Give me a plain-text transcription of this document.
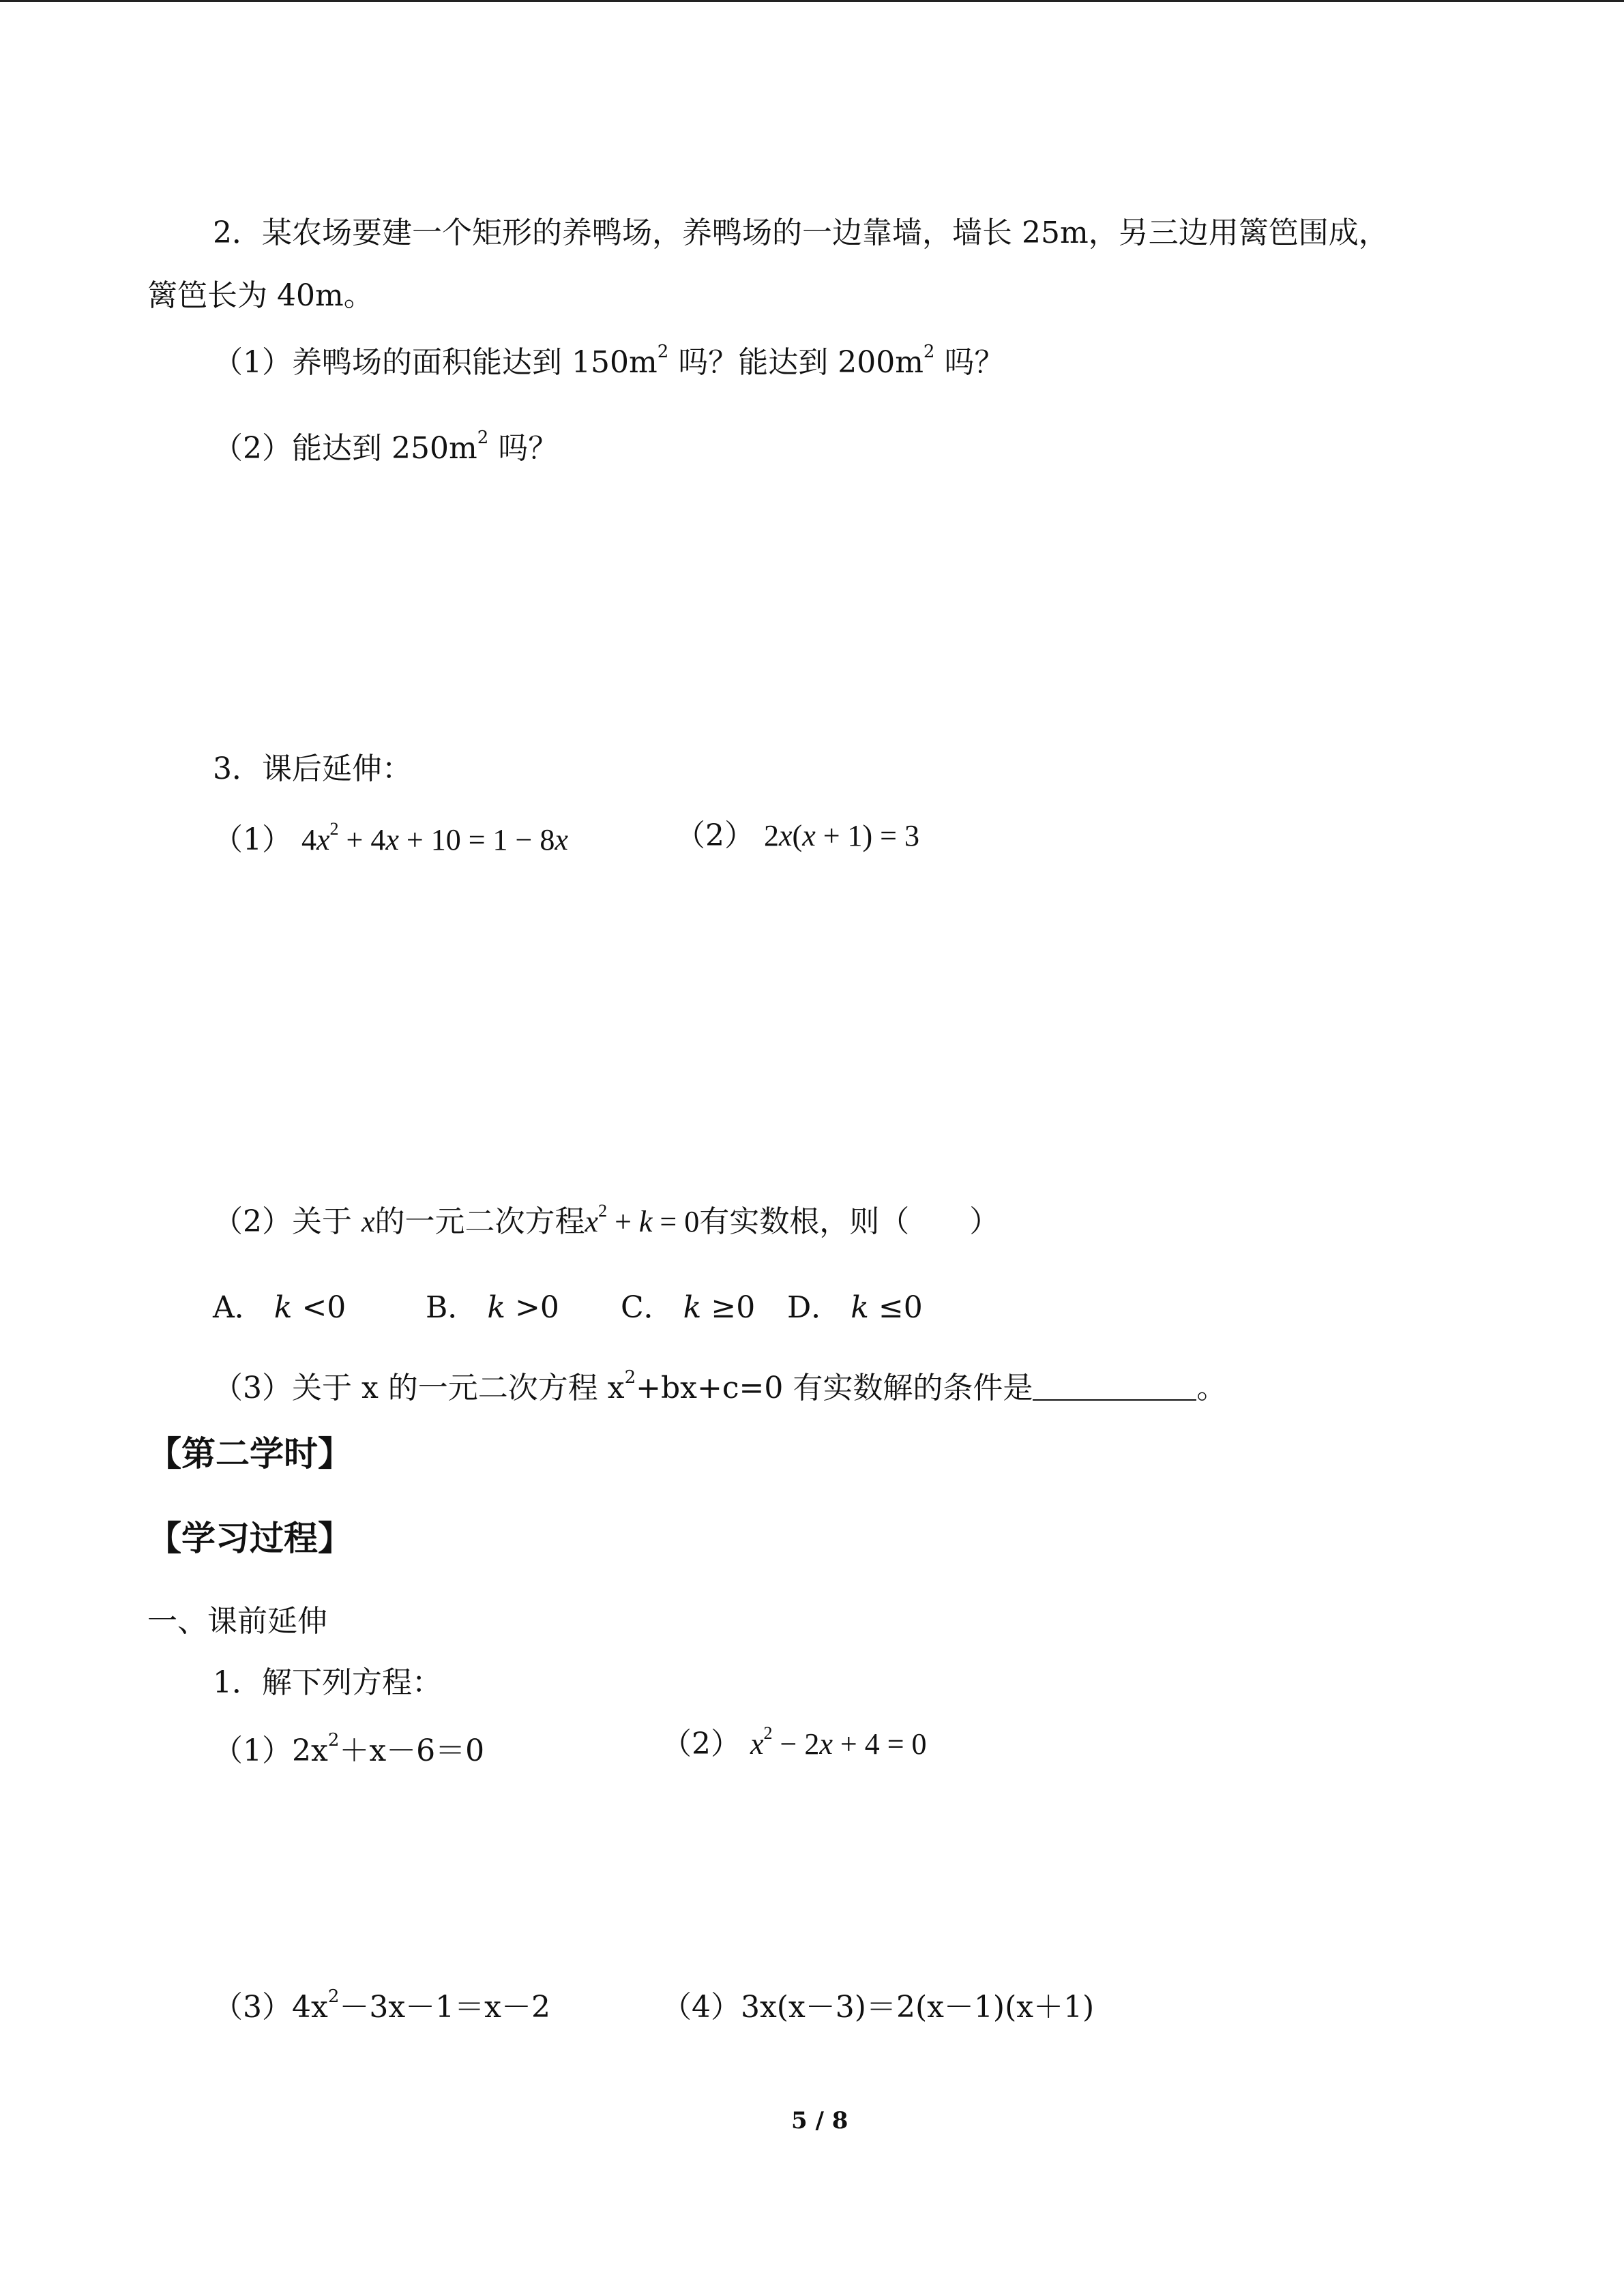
2．某农场要建一个矩形的养鸭场，养鸭场的一边靠墙，墙长 25m，另三边用篱笆围成，
篱笆长为 40m。
（1）养鸭场的面积能达到 $150m^2$ 吗？能达到 $200m^2$ 吗？
（2）能达到 $250m^2$ 吗？
3．课后延伸：
（1） $4x^2 + 4x + 10 = 1 - 8x$	（2） 2x(x + 1) = 3
（2）关于 x的一元二次方程$x^2 + k = 0$有实数根，则（　　）
A． k <0	B． k >0 C． k ≥0 D． k ≤0
（3）关于 x 的一元二次方程 $x^2+bx+c=0$ 有实数解的条件是	。
【第二学时】
【学习过程】
一、课前延伸
1．解下列方程：
$(1)2x^2+x-6=0$	（2） $x^2 - 2x + 4 = 0$
$(3)4x^2-3x-1=x-2$	（4）3x(x－3)＝2(x－1)(x＋1)
5 / 8
